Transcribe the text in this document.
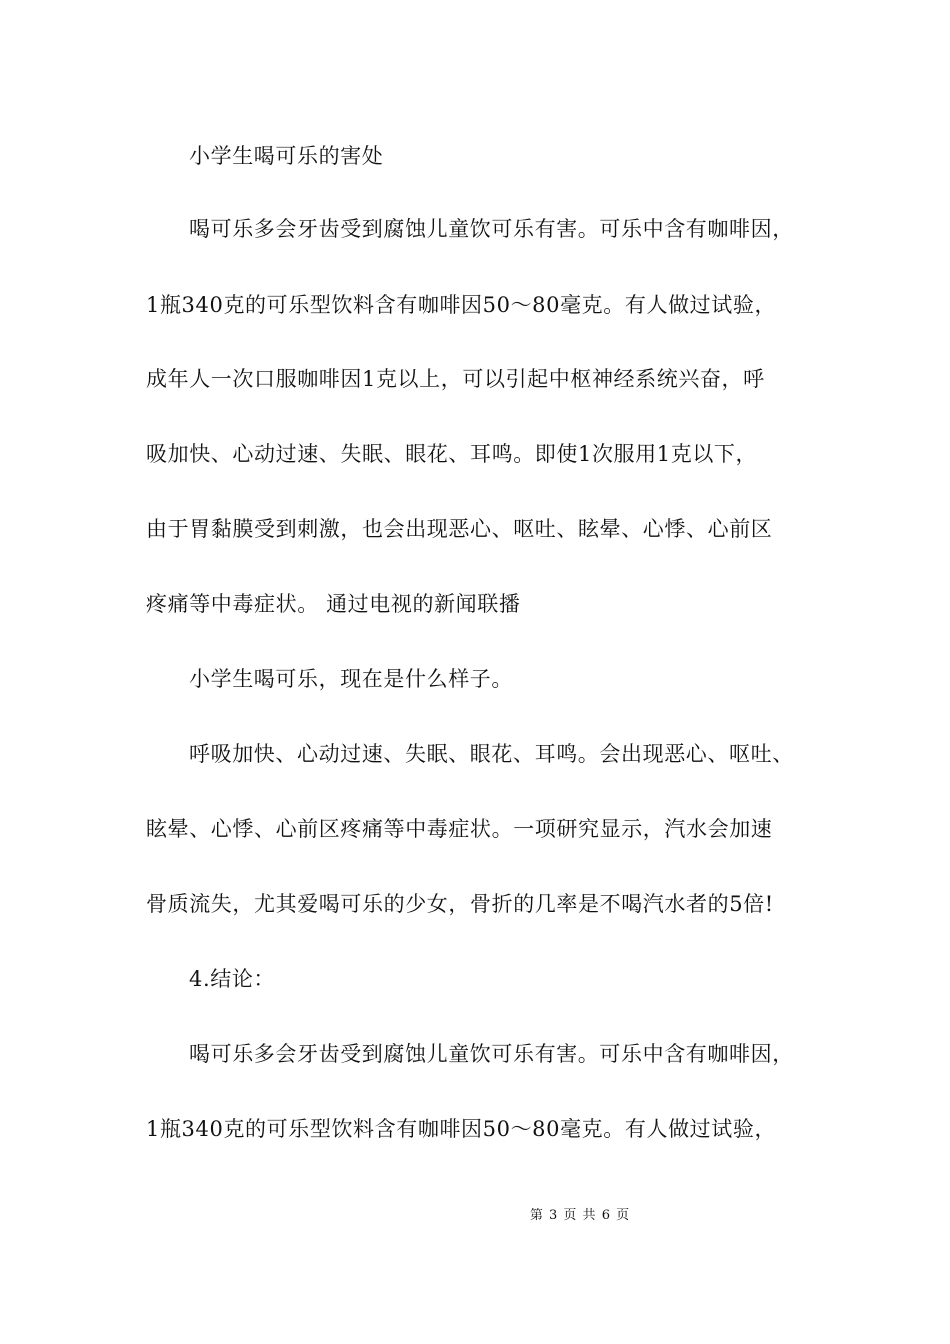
小学生喝可乐的害处
喝可乐多会牙齿受到腐蚀儿童饮可乐有害。可乐中含有咖啡因，
1瓶340克的可乐型饮料含有咖啡因50～80毫克。有人做过试验，
成年人一次口服咖啡因1克以上，可以引起中枢神经系统兴奋，呼
吸加快、心动过速、失眠、眼花、耳鸣。即使1次服用1克以下，
由于胃黏膜受到刺激，也会出现恶心、呕吐、眩晕、心悸、心前区
疼痛等中毒症状。 通过电视的新闻联播
小学生喝可乐，现在是什么样子。
呼吸加快、心动过速、失眠、眼花、耳鸣。会出现恶心、呕吐、
眩晕、心悸、心前区疼痛等中毒症状。一项研究显示，汽水会加速
骨质流失，尤其爱喝可乐的少女，骨折的几率是不喝汽水者的5倍!
4.结论：
喝可乐多会牙齿受到腐蚀儿童饮可乐有害。可乐中含有咖啡因，
1瓶340克的可乐型饮料含有咖啡因50～80毫克。有人做过试验，
第 3 页 共 6 页
